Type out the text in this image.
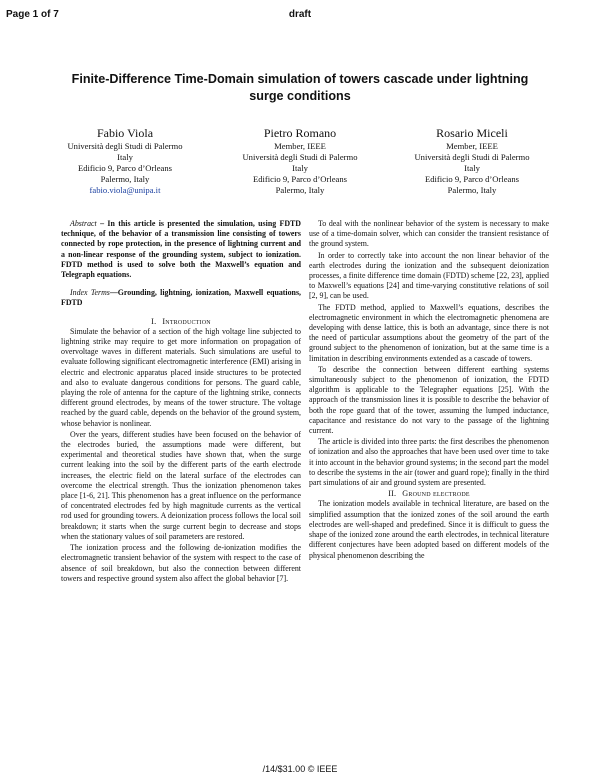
Page 1 of 7	draft
Finite-Difference Time-Domain simulation of towers cascade under lightning surge conditions
Fabio Viola
Università degli Studi di Palermo
Italy
Edificio 9, Parco d’Orleans
Palermo, Italy
fabio.viola@unipa.it
Pietro Romano
Member, IEEE
Università degli Studi di Palermo
Italy
Edificio 9, Parco d’Orleans
Palermo, Italy
Rosario Miceli
Member, IEEE
Università degli Studi di Palermo
Italy
Edificio 9, Parco d’Orleans
Palermo, Italy

Abstract – In this article is presented the simulation, using FDTD technique, of the behavior of a transmission line consisting of towers connected by rope protection, in the presence of lightning current and a non-linear response of the grounding system, subject to ionization. FDTD method is used to solve both the Maxwell’s equation and Telegraph equations.

Index Terms—Grounding, lightning, ionization, Maxwell equations, FDTD

I. Introduction

Simulate the behavior of a section of the high voltage line subjected to lightning strike may require to get more information on propagation of overvoltage waves in different materials. Such simulations are useful to evaluate following significant electromagnetic interference (EMI) arising in electric and electronic apparatus placed inside structures to be protected and also to evaluate dangerous conditions for persons. The guard cable, playing the role of antenna for the capture of the lightning strike, connects different ground electrodes, by means of the tower structure. The voltage reached by the guard cable, depends on the behavior of the ground system, whose behavior is nonlinear.

Over the years, different studies have been focused on the behavior of the electrodes buried, the assumptions made were different, but experimental and theoretical studies have shown that, when the surge current leaking into the soil by the different parts of the earth electrode increases, the electric field on the lateral surface of the electrodes can overcome the electrical strength. Thus the ionization phenomenon takes place [1-6, 21]. This phenomenon has a great influence on the performance of concentrated electrodes fed by high magnitude currents as the vertical rod used for grounding towers. A deionization process follows the local soil breakdown; it starts when the surge current begin to decrease and stops when the stationary values of soil parameters are restored.

The ionization process and the following de-ionization modifies the electromagnetic transient behavior of the system with respect to the case of absence of soil breakdown, but also the connection between different towers and respective ground system also affect the global behavior [7].

To deal with the nonlinear behavior of the system is necessary to make use of a time-domain solver, which can consider the transient resistance of the ground system.

In order to correctly take into account the non linear behavior of the earth electrodes during the ionization and the subsequent deionization processes, a finite difference time domain (FDTD) scheme [22, 23], applied to Maxwell’s equations [24] and time-varying constitutive relations of soil [2, 9], can be used.

The FDTD method, applied to Maxwell’s equations, describes the electromagnetic environment in which the electromagnetic phenomena are developing with dense lattice, this is both an advantage, since there is not the need of particular assumptions about the geometry of the part of the ground subject to the phenomenon of ionization, but at the same time is a limitation in describing environments extended as a cascade of towers.

To describe the connection between different earthing systems simultaneously subject to the phenomenon of ionization, the FDTD algorithm is applicable to the Telegrapher equations [25]. With the approach of the transmission lines it is possible to describe the behavior of both the rope guard that of the tower, assuming the lumped inductance, capacitance and resistance do not vary to the passage of the lightning current.

The article is divided into three parts: the first describes the phenomenon of ionization and also the approaches that have been used over time to take it into account in the behavior ground systems; in the second part the model to describe the systems in the air (tower and guard rope); finally in the third part simulations of air and ground system are presented.

II. Ground electrode

The ionization models available in technical literature, are based on the simplified assumption that the ionized zones of the soil around the earth electrodes are well-shaped and predefined. Since it is difficult to guess the shape of the ionized zone around the earth electrodes, in technical literature different conjectures have been adopted based on different models of the physical phenomenon describing the

/14/$31.00 © IEEE
